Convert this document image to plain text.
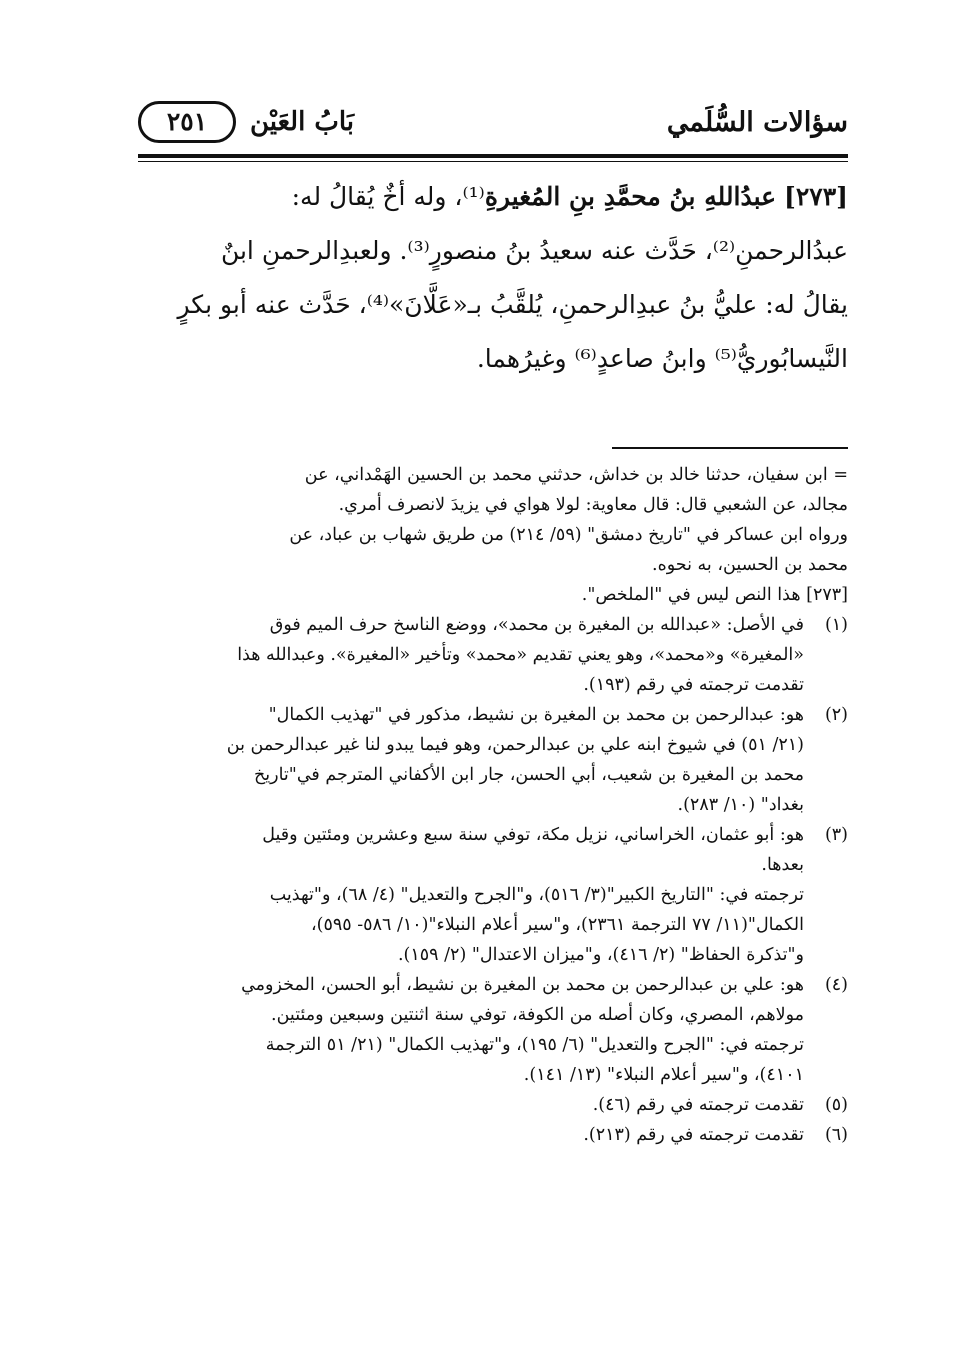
سؤالات السُّلَمي
بَابُ العَيْن
٢٥١
[٢٧٣] عبدُاللهِ بنُ محمَّدِ بنِ المُغيرةِ⁽¹⁾، وله أخٌ يُقالُ له:
عبدُالرحمنِ⁽²⁾، حَدَّث عنه سعيدُ بنُ منصورٍ⁽³⁾. ولعبدِالرحمنِ ابنٌ
يقالُ له: عليُّ بنُ عبدِالرحمنِ، يُلقَّبُ بـ«عَلَّانَ»⁽⁴⁾، حَدَّث عنه أبو بكرٍ
النَّيسابُوريُّ⁽⁵⁾ وابنُ صاعدٍ⁽⁶⁾ وغيرُهما.
= ابن سفيان، حدثنا خالد بن خداش، حدثني محمد بن الحسين الهَمْداني، عن
مجالد، عن الشعبي قال: قال معاوية: لولا هواي في يزيدَ لانصرف أمري.
ورواه ابن عساكر في "تاريخ دمشق" (٥٩/ ٢١٤) من طريق شهاب بن عباد، عن
محمد بن الحسين، به نحوه.
[٢٧٣] هذا النص ليس في "الملخص".
(١)
في الأصل: «عبدالله بن المغيرة بن محمد»، ووضع الناسخ حرف الميم فوق
«المغيرة» و«محمد»، وهو يعني تقديم «محمد» وتأخير «المغيرة». وعبدالله هذا
تقدمت ترجمته في رقم (١٩٣).
(٢)
هو: عبدالرحمن بن محمد بن المغيرة بن نشيط، مذكور في "تهذيب الكمال"
(٢١/ ٥١) في شيوخ ابنه علي بن عبدالرحمن، وهو فيما يبدو لنا غير عبدالرحمن بن
محمد بن المغيرة بن شعيب، أبي الحسن، جار ابن الأكفاني المترجم في"تاريخ
بغداد" (١٠/ ٢٨٣).
(٣)
هو: أبو عثمان، الخراساني، نزيل مكة، توفي سنة سبع وعشرين ومئتين وقيل
بعدها.
ترجمته في: "التاريخ الكبير"(٣/ ٥١٦)، و"الجرح والتعديل" (٤/ ٦٨)، و"تهذيب
الكمال"(١١/ ٧٧ الترجمة ٢٣٦١)، و"سير أعلام النبلاء"(١٠/ ٥٨٦- ٥٩٥)،
و"تذكرة الحفاظ" (٢/ ٤١٦)، و"ميزان الاعتدال" (٢/ ١٥٩).
(٤)
هو: علي بن عبدالرحمن بن محمد بن المغيرة بن نشيط، أبو الحسن، المخزومي
مولاهم، المصري، وكان أصله من الكوفة، توفي سنة اثنتين وسبعين ومئتين.
ترجمته في: "الجرح والتعديل" (٦/ ١٩٥)، و"تهذيب الكمال" (٢١/ ٥١ الترجمة
٤١٠١)، و"سير أعلام النبلاء" (١٣/ ١٤١).
(٥)
تقدمت ترجمته في رقم (٤٦).
(٦)
تقدمت ترجمته في رقم (٢١٣).
